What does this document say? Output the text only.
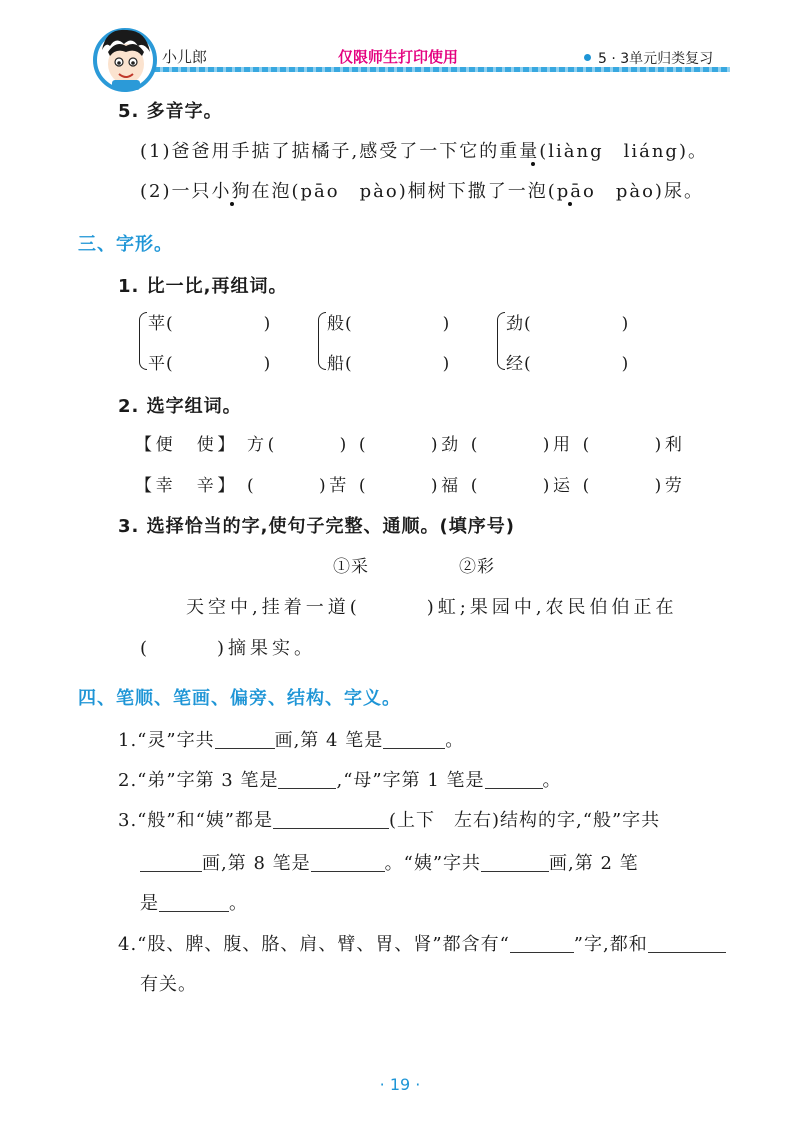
小儿郎	仅限师生打印使用	5 · 3单元归类复习
5. 多音字。
(1)爸爸用手掂了掂橘子,感受了一下它的重量(liàng　liáng)。
(2)一只小狗在泡(pāo　pào)桐树下撒了一泡(pāo　pào)尿。
三、字形。
1. 比一比,再组词。
苹(　　　　　)
平(　　　　　)
般(　　　　　)
船(　　　　　)
劲(　　　　　)
经(　　　　　)
2. 选字组词。
【便　使】 方(　　　) (　　　)劲 (　　　)用 (　　　)利
【幸　辛】 (　　　)苦 (　　　)福 (　　　)运 (　　　)劳
3. 选择恰当的字,使句子完整、通顺。(填序号)
①采　　　　　②彩
天空中,挂着一道(　　　)虹;果园中,农民伯伯正在
(　　　)摘果实。
四、笔顺、笔画、偏旁、结构、字义。
1.“灵”字共	画,第 4 笔是	。
2.“弟”字第 3 笔是	,“母”字第 1 笔是	。
3.“般”和“姨”都是	(上下　左右)结构的字,“般”字共
画,第 8 笔是	。“姨”字共	画,第 2 笔
是	。
4.“股、脾、腹、胳、肩、臂、胃、肾”都含有“	”字,都和
有关。
· 19 ·
